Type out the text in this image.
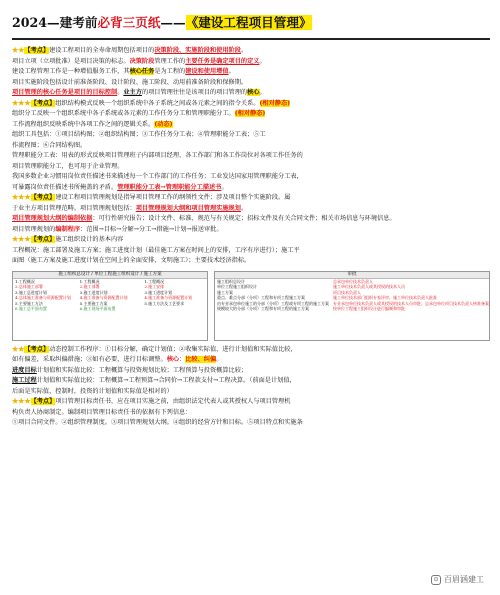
2024—建考前必背三页纸——《建设工程项目管理》
★★【考点】建设工程项目的全寿命周期包括项目的决策阶段、实施阶段和使用阶段。
项目立项（立项批准）是项目决策的标志。决策阶段管理工作的主要任务是确定项目的定义。
建设工程管理工作是一种增值服务工作，其核心任务是为工程的建设和使用增值。
项目实施阶段包括设计前准备阶段、设计阶段、施工阶段、动用前准备阶段和保修期。
项目管理的核心任务是项目的目标控制。业主方的项目管理往往是该项目的项目管理的核心。
★★★【考点】组织结构模式反映一个组织系统中各子系统之间或各元素之间的指令关系。(相对静态)
组织分工反映一个组织系统中各子系统或各元素的工作任务分工和管理职能分工。(相对静态)
工作流程组织反映系统中各项工作之间的逻辑关系。(动态)
组织工具包括：①项目结构图；②组织结构图；③工作任务分工表；④管理职能分工表；⑤工
作流程图；⑥合同结构图。
管理职能分工表：用表的形式反映项目管理班子内部项目经理、各工作部门和各工作岗位对各项工作任务的
项目管理职能分工，也可用于企业管理。
我国多数企业习惯用岗位责任描述书来描述每一个工作部门的工作任务；工业发达国家用管理职能分工表，
可暴露岗位责任描述书所掩盖的矛盾。管理职能分工表→管理职能分工描述书。
★★★【考点】建设工程项目管理规划是指导项目管理工作的纲领性文件；涉及项目整个实施阶段。属
于业主方项目管理范畴。项目管理规划包括：项目管理规划大纲和项目管理实施规划。
项目管理规划大纲的编制依据：可行性研究报告；设计文件、标准、规范与有关规定；招标文件及有关合同文件；相关市场信息与环境信息。
项目管理规划的编制程序：范围→目标→分解→分工→措施→计划→报送审批。
★★★【考点】施工组织设计的基本内容
工程概况：施工部署及施工方案；施工进度计划（最佳施工方案在时间上的安排，工序有序进行）；施工平
面图（施工方案及施工进度计划在空间上的全面安排，文明施工）；主要技术经济指标。
施工组织总设计 / 单位工程施工组织设计 / 施工方案
1.工程概况	1.工程概况	1.工程概况
2.总体施工部署	2.施工部署	2.施工安排
3.施工总进度计划	3.施工进度计划	3.施工进度计划
4.总体施工准备与资源配置计划	4.施工准备与资源配置计划	4.施工准备与资源配置计划
5.主要施工方法	5.主要施工方案	5.施工方法及工艺要求
6.施工总平面布置	6.施工现场平面布置
审批
施工组织总设计	总承包单位技术负责人
单位工程施工组织设计	施工单位技术负责人或其授权的技术人员
施工方案	项目技术负责人
重点、难点分部（分项）工程和专项工程施工方案	施工单位技术部门组织专家评审，施工单位技术负责人批准
由专业承包单位施工的分部（分项）工程或专项工程的施工方案	专业承包单位技术负责人或其授权的技术人员审批；总承包单位项目技术负责人核准备案
规模较大的分部（分项）工程和专项工程的施工方案	按单位工程施工组织设计进行编制和审批
★★【考点】动态控制工作程序：①目标分解，确定计划值；②收集实际值，进行计划值和实际值比较，
如有偏差，采取纠偏措施；③如有必要，进行目标调整。核心：比较、纠偏。
进度目标计划值和实际值比较：工程概算与投资规划比较；工程预算与投资概算比较；
施工过程计划值和实际值比较：工程概算→工程预算→合同价→工程款支付→工程决算。（前面是计划值，
后面是实际值，控制时，投资的计划值和实际值是相对的）
★★★【考点】项目管理目标责任书，应在项目实施之前，由组织法定代表人或其授权人与项目管理机
构负责人协商制定。编制项目管理目标责任书的依据有下列信息：
①项目合同文件。②组织管理制度。③项目管理规划大纲。④组织的经营方针和目标。⑤项目特点和实施条
⊙ 百眉涵建工
